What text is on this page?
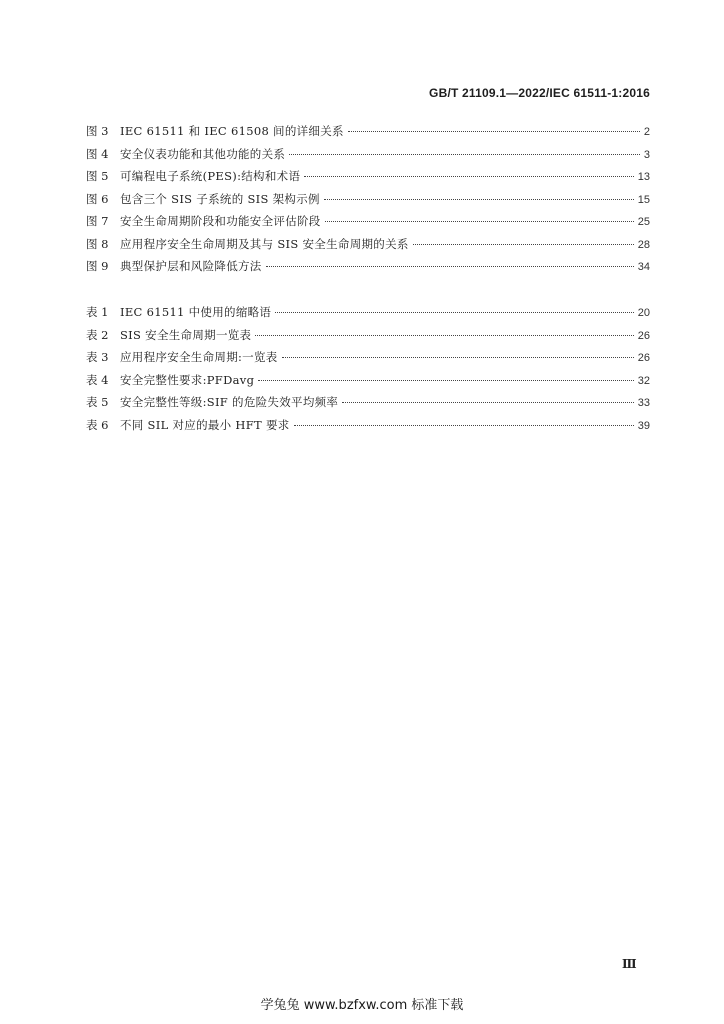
GB/T 21109.1—2022/IEC 61511-1:2016
图 3	IEC 61511 和 IEC 61508 间的详细关系	2
图 4	安全仪表功能和其他功能的关系	3
图 5	可编程电子系统(PES):结构和术语	13
图 6	包含三个 SIS 子系统的 SIS 架构示例	15
图 7	安全生命周期阶段和功能安全评估阶段	25
图 8	应用程序安全生命周期及其与 SIS 安全生命周期的关系	28
图 9	典型保护层和风险降低方法	34
表 1	IEC 61511 中使用的缩略语	20
表 2	SIS 安全生命周期一览表	26
表 3	应用程序安全生命周期:一览表	26
表 4	安全完整性要求:PFDavg	32
表 5	安全完整性等级:SIF 的危险失效平均频率	33
表 6	不同 SIL 对应的最小 HFT 要求	39
Ⅲ
学兔兔 www.bzfxw.com 标准下载
